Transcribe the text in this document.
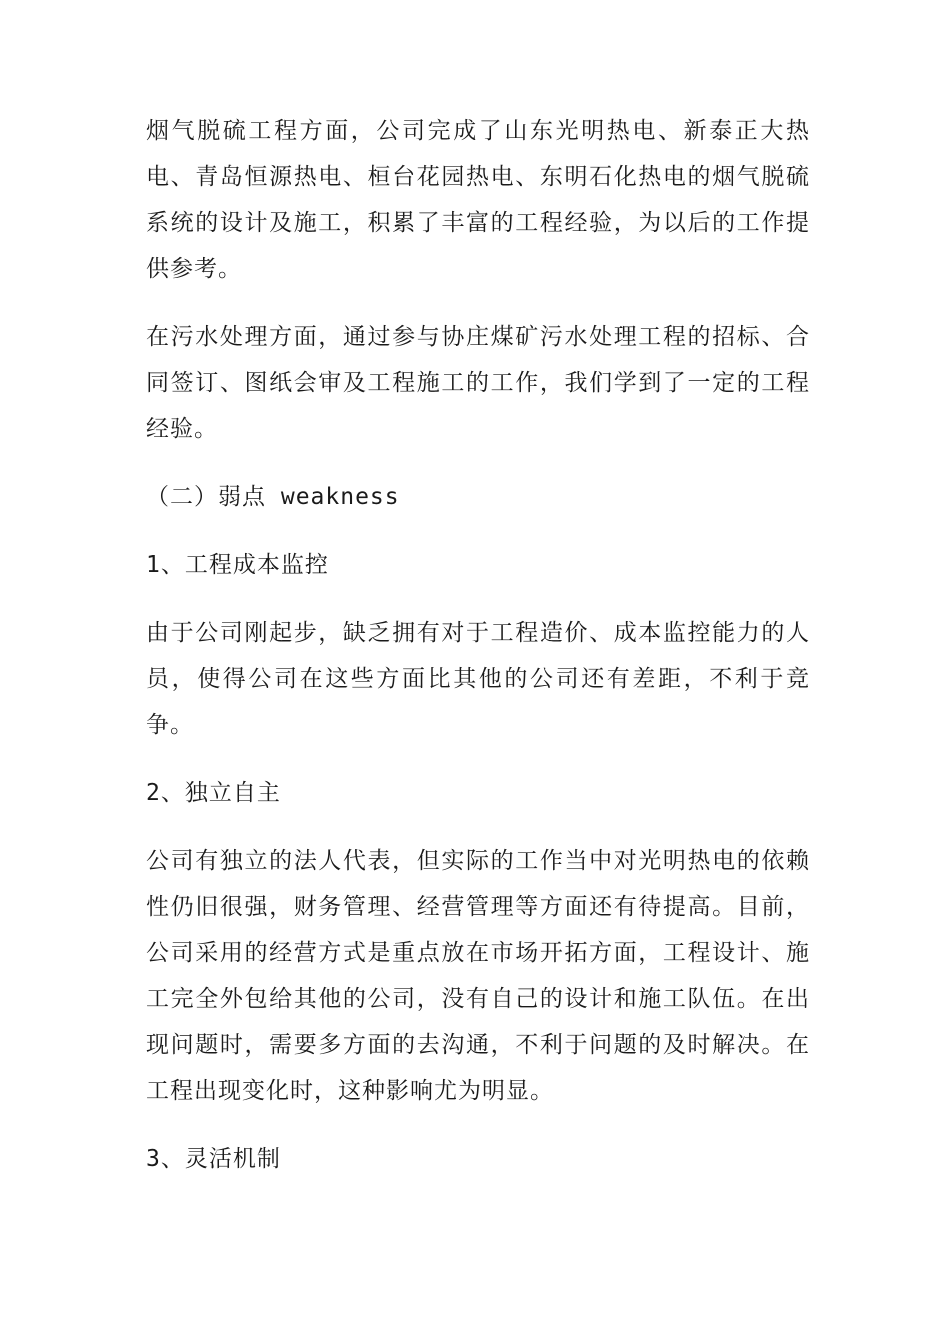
烟气脱硫工程方面，公司完成了山东光明热电、新泰正大热电、青岛恒源热电、桓台花园热电、东明石化热电的烟气脱硫系统的设计及施工，积累了丰富的工程经验，为以后的工作提供参考。

在污水处理方面，通过参与协庄煤矿污水处理工程的招标、合同签订、图纸会审及工程施工的工作，我们学到了一定的工程经验。

（二）弱点 weakness

1、工程成本监控

由于公司刚起步，缺乏拥有对于工程造价、成本监控能力的人员，使得公司在这些方面比其他的公司还有差距，不利于竞争。

2、独立自主

公司有独立的法人代表，但实际的工作当中对光明热电的依赖性仍旧很强，财务管理、经营管理等方面还有待提高。目前，公司采用的经营方式是重点放在市场开拓方面，工程设计、施工完全外包给其他的公司，没有自己的设计和施工队伍。在出现问题时，需要多方面的去沟通，不利于问题的及时解决。在工程出现变化时，这种影响尤为明显。

3、灵活机制
